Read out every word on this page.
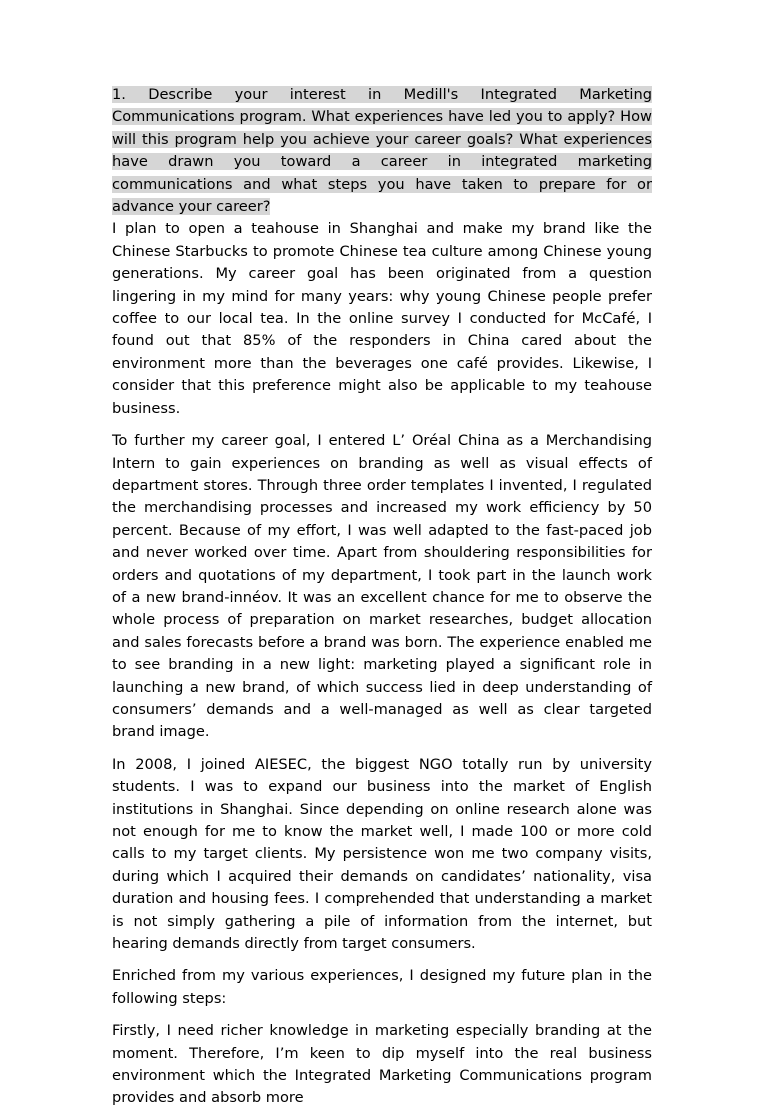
1. Describe your interest in Medill's Integrated Marketing Communications program. What experiences have led you to apply? How will this program help you achieve your career goals? What experiences have drawn you toward a career in integrated marketing communications and what steps you have taken to prepare for or advance your career?

I plan to open a teahouse in Shanghai and make my brand like the Chinese Starbucks to promote Chinese tea culture among Chinese young generations. My career goal has been originated from a question lingering in my mind for many years: why young Chinese people prefer coffee to our local tea. In the online survey I conducted for McCafé, I found out that 85% of the responders in China cared about the environment more than the beverages one café provides. Likewise, I consider that this preference might also be applicable to my teahouse business.

To further my career goal, I entered L’ Oréal China as a Merchandising Intern to gain experiences on branding as well as visual effects of department stores. Through three order templates I invented, I regulated the merchandising processes and increased my work efficiency by 50 percent. Because of my effort, I was well adapted to the fast-paced job and never worked over time. Apart from shouldering responsibilities for orders and quotations of my department, I took part in the launch work of a new brand-innéov. It was an excellent chance for me to observe the whole process of preparation on market researches, budget allocation and sales forecasts before a brand was born. The experience enabled me to see branding in a new light: marketing played a significant role in launching a new brand, of which success lied in deep understanding of consumers’ demands and a well-managed as well as clear targeted brand image.

In 2008, I joined AIESEC, the biggest NGO totally run by university students. I was to expand our business into the market of English institutions in Shanghai. Since depending on online research alone was not enough for me to know the market well, I made 100 or more cold calls to my target clients. My persistence won me two company visits, during which I acquired their demands on candidates’ nationality, visa duration and housing fees. I comprehended that understanding a market is not simply gathering a pile of information from the internet, but hearing demands directly from target consumers.

Enriched from my various experiences, I designed my future plan in the following steps:

Firstly, I need richer knowledge in marketing especially branding at the moment. Therefore, I’m keen to dip myself into the real business environment which the Integrated Marketing Communications program provides and absorb more
